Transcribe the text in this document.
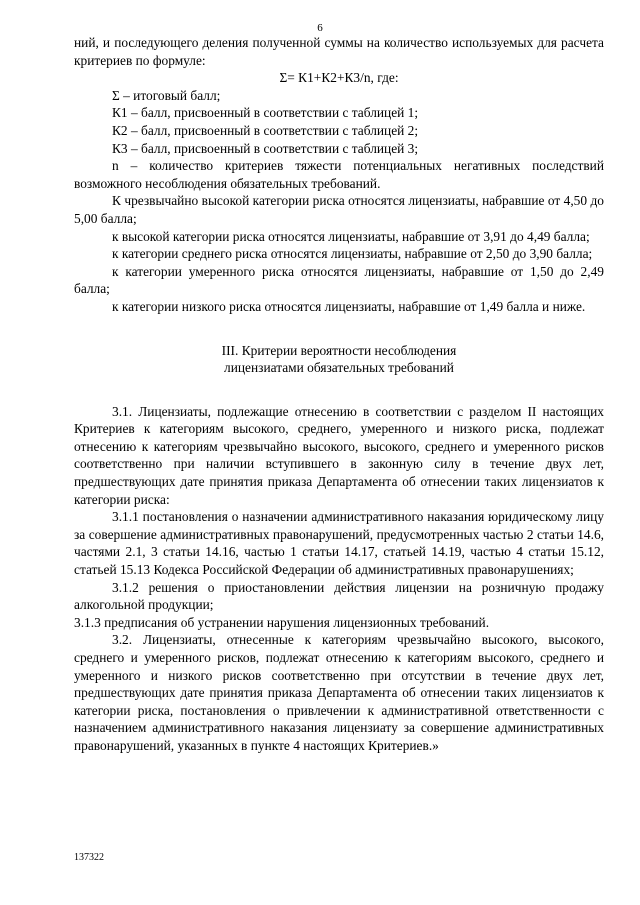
6

ний, и последующего деления полученной суммы на количество используемых для расчета критериев по формуле:

Σ= К1+К2+К3/n, где:

Σ – итоговый балл;

К1 – балл, присвоенный в соответствии с таблицей 1;

К2 – балл, присвоенный в соответствии с таблицей 2;

К3 – балл, присвоенный в соответствии с таблицей 3;

n – количество критериев тяжести потенциальных негативных последствий возможного несоблюдения обязательных требований.

К чрезвычайно высокой категории риска относятся лицензиаты, набравшие от 4,50 до 5,00 балла;

к высокой категории риска относятся лицензиаты, набравшие от 3,91 до 4,49 балла;

к категории среднего риска относятся лицензиаты, набравшие от 2,50 до 3,90 балла;

к категории умеренного риска относятся лицензиаты, набравшие от 1,50 до 2,49 балла;

к категории низкого риска относятся лицензиаты, набравшие от 1,49 балла и ниже.

III. Критерии вероятности несоблюдения
лицензиатами обязательных требований

3.1. Лицензиаты, подлежащие отнесению в соответствии с разделом II настоящих Критериев к категориям высокого, среднего, умеренного и низкого риска, подлежат отнесению к категориям чрезвычайно высокого, высокого, среднего и умеренного рисков соответственно при наличии вступившего в законную силу в течение двух лет, предшествующих дате принятия приказа Департамента об отнесении таких лицензиатов к категории риска:

3.1.1 постановления о назначении административного наказания юридическому лицу за совершение административных правонарушений, предусмотренных частью 2 статьи 14.6, частями 2.1, 3 статьи 14.16, частью 1 статьи 14.17, статьей 14.19, частью 4 статьи 15.12, статьей 15.13 Кодекса Российской Федерации об административных правонарушениях;

3.1.2 решения о приостановлении действия лицензии на розничную продажу алкогольной продукции;

3.1.3 предписания об устранении нарушения лицензионных требований.

3.2. Лицензиаты, отнесенные к категориям чрезвычайно высокого, высокого, среднего и умеренного рисков, подлежат отнесению к категориям высокого, среднего и умеренного и низкого рисков соответственно при отсутствии в течение двух лет, предшествующих дате принятия приказа Департамента об отнесении таких лицензиатов к категории риска, постановления о привлечении к административной ответственности с назначением административного наказания лицензиату за совершение административных правонарушений, указанных в пункте 4 настоящих Критериев.»

137322
